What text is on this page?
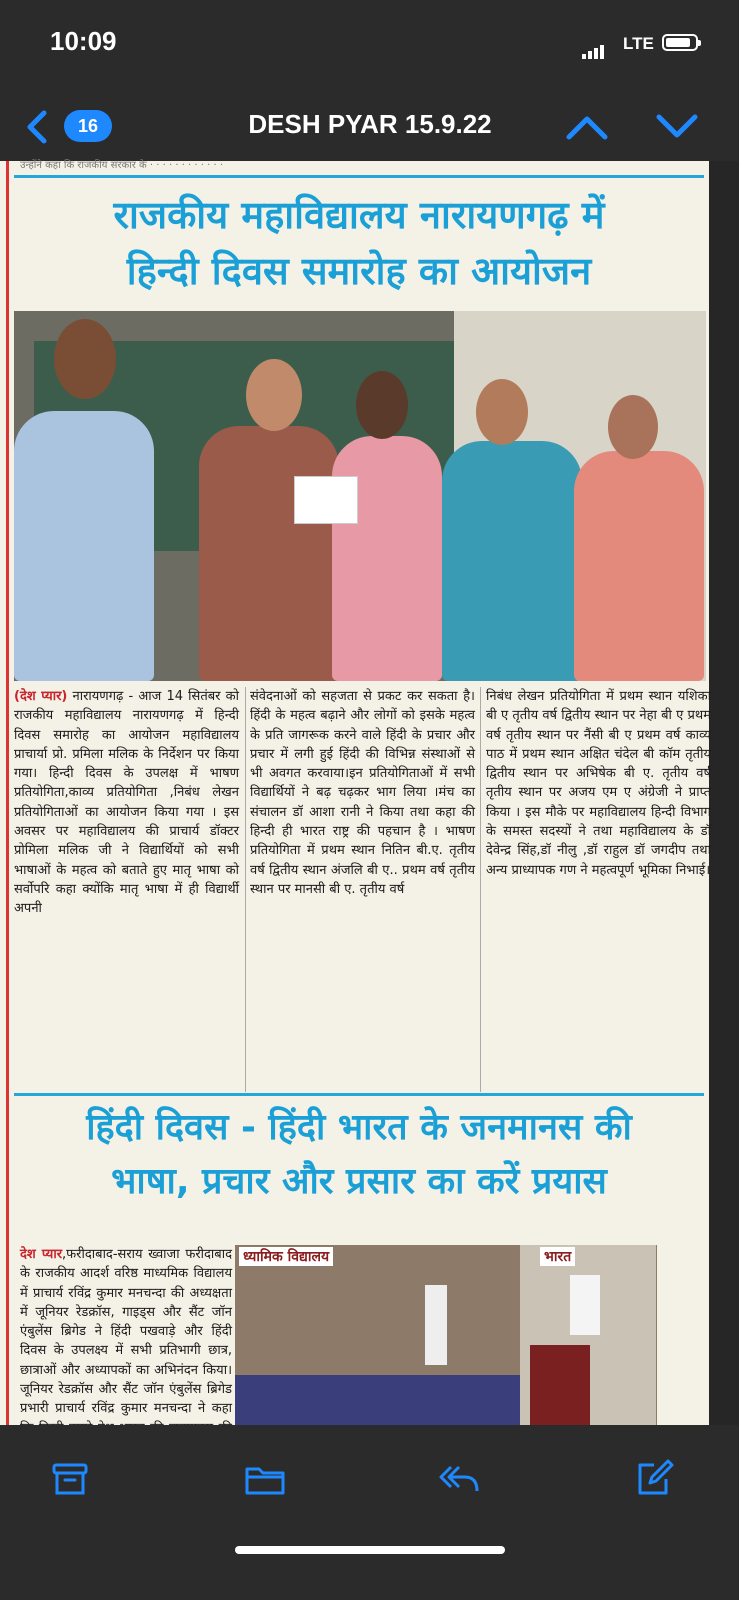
10:09	LTE
16	DESH PYAR 15.9.22
उन्होंने कहा कि राजकीय सरकार के · · · · · · · · · · · ·
राजकीय महाविद्यालय नारायणगढ़ में
हिन्दी दिवस समारोह का आयोजन
(देश प्यार) नारायणगढ़ - आज 14 सितंबर को राजकीय महाविद्यालय नारायणगढ़ में हिन्दी दिवस समारोह का आयोजन महाविद्यालय प्राचार्या प्रो. प्रमिला मलिक के निर्देशन पर किया गया। हिन्दी दिवस के उपलक्ष में भाषण प्रतियोगिता,काव्य प्रतियोगिता ,निबंध लेखन प्रतियोगिताओं का आयोजन किया गया । इस अवसर पर महाविद्यालय की प्राचार्य डॉक्टर प्रोमिला मलिक जी ने विद्यार्थियों को सभी भाषाओं के महत्व को बताते हुए मातृ भाषा को सर्वोपरि कहा क्योंकि मातृ भाषा में ही विद्यार्थी अपनी
संवेदनाओं को सहजता से प्रकट कर सकता है। हिंदी के महत्व बढ़ाने और लोगों को इसके महत्व के प्रति जागरूक करने वाले हिंदी के प्रचार और प्रचार में लगी हुई हिंदी की विभिन्न संस्थाओं से भी अवगत करवाया।इन प्रतियोगिताओं में सभी विद्यार्थियों ने बढ़ चढ़कर भाग लिया ।मंच का संचालन डॉ आशा रानी ने किया तथा कहा की हिन्दी ही भारत राष्ट्र की पहचान है । भाषण प्रतियोगिता में प्रथम स्थान नितिन बी.ए. तृतीय वर्ष द्वितीय स्थान अंजलि बी ए.. प्रथम वर्ष तृतीय स्थान पर मानसी बी ए. तृतीय वर्ष
निबंध लेखन प्रतियोगिता में प्रथम स्थान यशिका बी ए तृतीय वर्ष द्वितीय स्थान पर नेहा बी ए प्रथम वर्ष तृतीय स्थान पर नैंसी बी ए प्रथम वर्ष काव्य पाठ में प्रथम स्थान अक्षित चंदेल बी कॉम तृतीय द्वितीय स्थान पर अभिषेक बी ए. तृतीय वर्ष तृतीय स्थान पर अजय एम ए अंग्रेजी ने प्राप्त किया । इस मौके पर महाविद्यालय हिन्दी विभाग के समस्त सदस्यों ने तथा महाविद्यालय के डॉ देवेन्द्र सिंह,डॉ नीलु ,डॉ राहुल डॉ जगदीप तथा अन्य प्राध्यापक गण ने महत्वपूर्ण भूमिका निभाई।
हिंदी दिवस - हिंदी भारत के जनमानस की
भाषा, प्रचार और प्रसार का करें प्रयास
देश प्यार,फरीदाबाद-सराय ख्वाजा फरीदाबाद के राजकीय आदर्श वरिष्ठ माध्यमिक विद्यालय में प्राचार्य रविंद्र कुमार मनचन्दा की अध्यक्षता में जूनियर रेडक्रॉस, गाइड्स और सैंट जॉन एंबुलेंस ब्रिगेड ने हिंदी पखवाड़े और हिंदी दिवस के उपलक्ष्य में सभी प्रतिभागी छात्र, छात्राओं और अध्यापकों का अभिनंदन किया। जूनियर रेडक्रॉस और सैंट जॉन एंबुलेंस ब्रिगेड प्रभारी प्राचार्य रविंद्र कुमार मनचन्दा ने कहा
ध्यामिक विद्यालय	भारत
